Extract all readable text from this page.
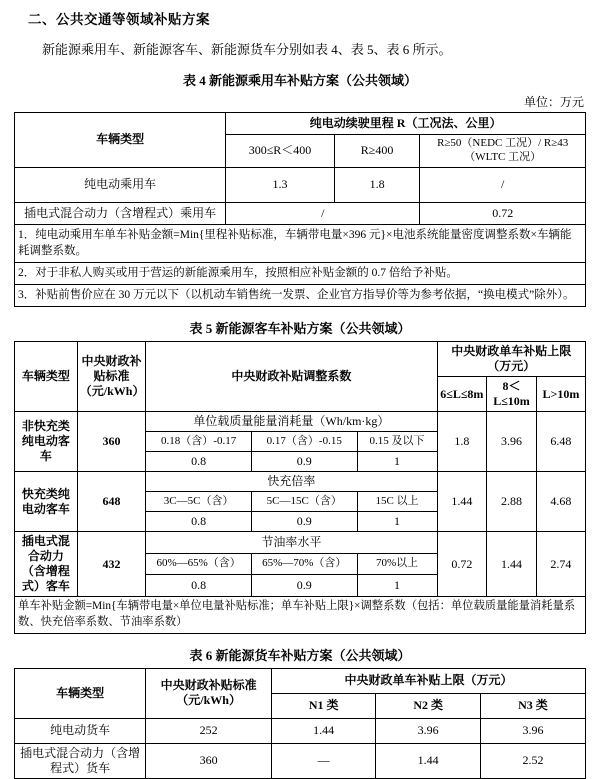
二、公共交通等领域补贴方案
新能源乘用车、新能源客车、新能源货车分别如表 4、表 5、表 6 所示。
表 4 新能源乘用车补贴方案（公共领域）
单位：万元
车辆类型	纯电动续驶里程 R（工况法、公里）		
	300≤R＜400	R≥400	R≥50（NEDC 工况）/ R≥43（WLTC 工况）
纯电动乘用车	1.3	1.8	/
插电式混合动力（含增程式）乘用车	/		0.72
1．纯电动乘用车单车补贴金额=Min{里程补贴标准，车辆带电量×396 元}×电池系统能量密度调整系数×车辆能耗调整系数。			
2．对于非私人购买或用于营运的新能源乘用车，按照相应补贴金额的 0.7 倍给予补贴。			
3．补贴前售价应在 30 万元以下（以机动车销售统一发票、企业官方指导价等为参考依据，“换电模式”除外）。			
表 5 新能源客车补贴方案（公共领域）
车辆类型	中央财政补贴标准（元/kWh）	中央财政补贴调整系数			中央财政单车补贴上限（万元）		
					6≤L≤8m	8＜L≤10m	L>10m
非快充类纯电动客车	360	单位载质量能量消耗量（Wh/km·kg）			1.8	3.96	6.48
		0.18（含）-0.17	0.17（含）-0.15	0.15 及以下			
		0.8	0.9	1			
快充类纯电动客车	648	快充倍率			1.44	2.88	4.68
		3C—5C（含）	5C—15C（含）	15C 以上			
		0.8	0.9	1			
插电式混合动力（含增程式）客车	432	节油率水平			0.72	1.44	2.74
		60%—65%（含）	65%—70%（含）	70%以上			
		0.8	0.9	1			
单车补贴金额=Min{车辆带电量×单位电量补贴标准；单车补贴上限}×调整系数（包括：单位载质量能量消耗量系数、快充倍率系数、节油率系数）							
表 6 新能源货车补贴方案（公共领域）
车辆类型	中央财政补贴标准（元/kWh）	中央财政单车补贴上限（万元）		
		N1 类	N2 类	N3 类
纯电动货车	252	1.44	3.96	3.96
插电式混合动力（含增程式）货车	360	—	1.44	2.52
